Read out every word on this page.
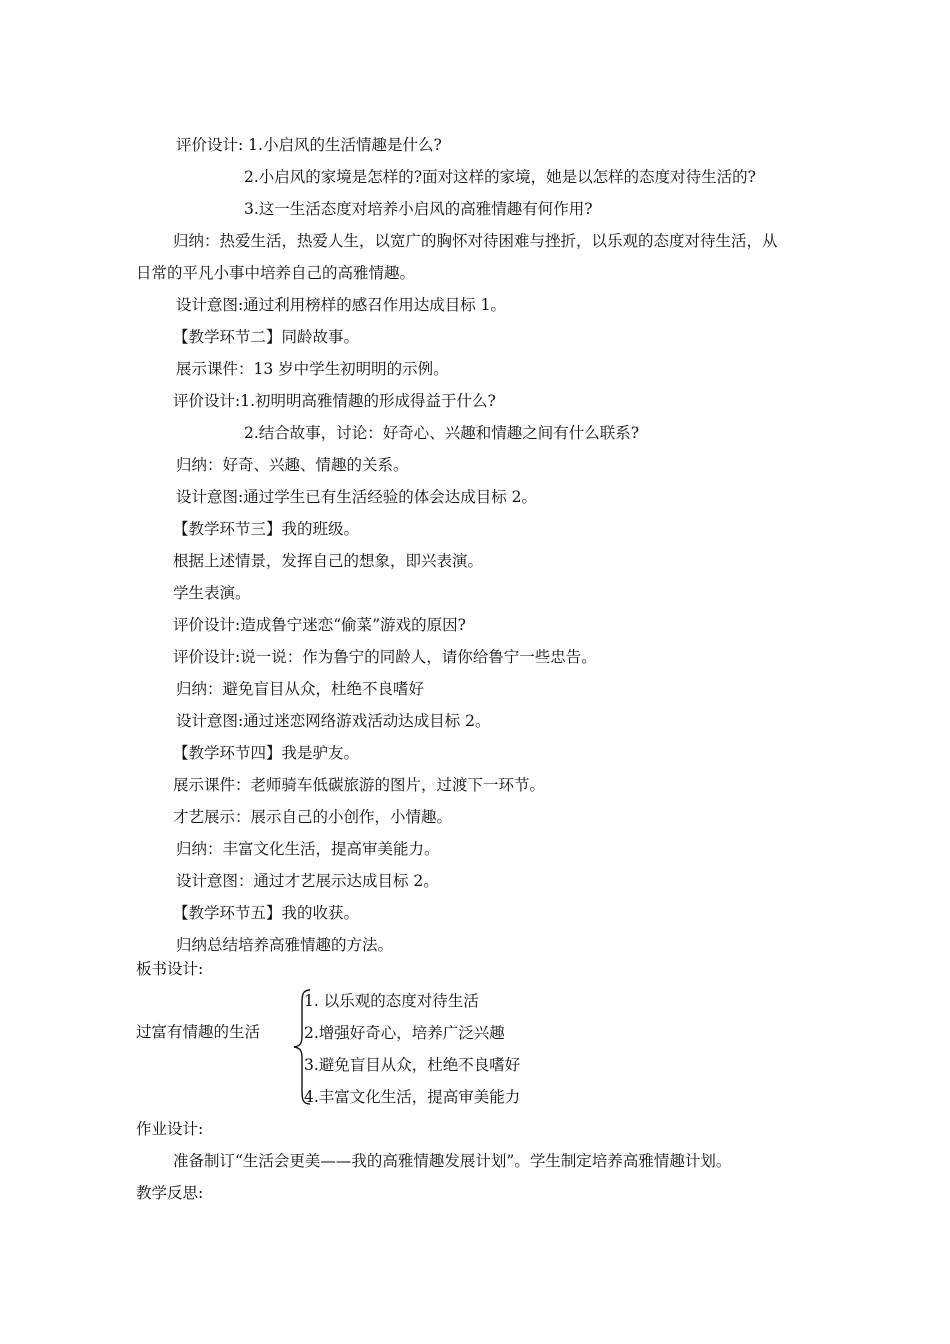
评价设计: 1.小启风的生活情趣是什么?
2.小启风的家境是怎样的?面对这样的家境，她是以怎样的态度对待生活的?
3.这一生活态度对培养小启风的高雅情趣有何作用?
归纳：热爱生活，热爱人生，以宽广的胸怀对待困难与挫折，以乐观的态度对待生活，从
日常的平凡小事中培养自己的高雅情趣。
设计意图:通过利用榜样的感召作用达成目标 1。
【教学环节二】同龄故事。
展示课件：13 岁中学生初明明的示例。
评价设计:1.初明明高雅情趣的形成得益于什么?
2.结合故事，讨论：好奇心、兴趣和情趣之间有什么联系?
归纳：好奇、兴趣、情趣的关系。
设计意图:通过学生已有生活经验的体会达成目标 2。
【教学环节三】我的班级。
根据上述情景，发挥自己的想象，即兴表演。
学生表演。
评价设计:造成鲁宁迷恋“偷菜”游戏的原因?
评价设计:说一说：作为鲁宁的同龄人，请你给鲁宁一些忠告。
归纳：避免盲目从众，杜绝不良嗜好
设计意图:通过迷恋网络游戏活动达成目标 2。
【教学环节四】我是驴友。
展示课件：老师骑车低碳旅游的图片，过渡下一环节。
才艺展示：展示自己的小创作，小情趣。
归纳：丰富文化生活，提高审美能力。
设计意图：通过才艺展示达成目标 2。
【教学环节五】我的收获。
归纳总结培养高雅情趣的方法。
板书设计:
过富有情趣的生活
1. 以乐观的态度对待生活
2.增强好奇心，培养广泛兴趣
3.避免盲目从众，杜绝不良嗜好
4.丰富文化生活，提高审美能力
作业设计:
准备制订“生活会更美——我的高雅情趣发展计划”。学生制定培养高雅情趣计划。
教学反思:
